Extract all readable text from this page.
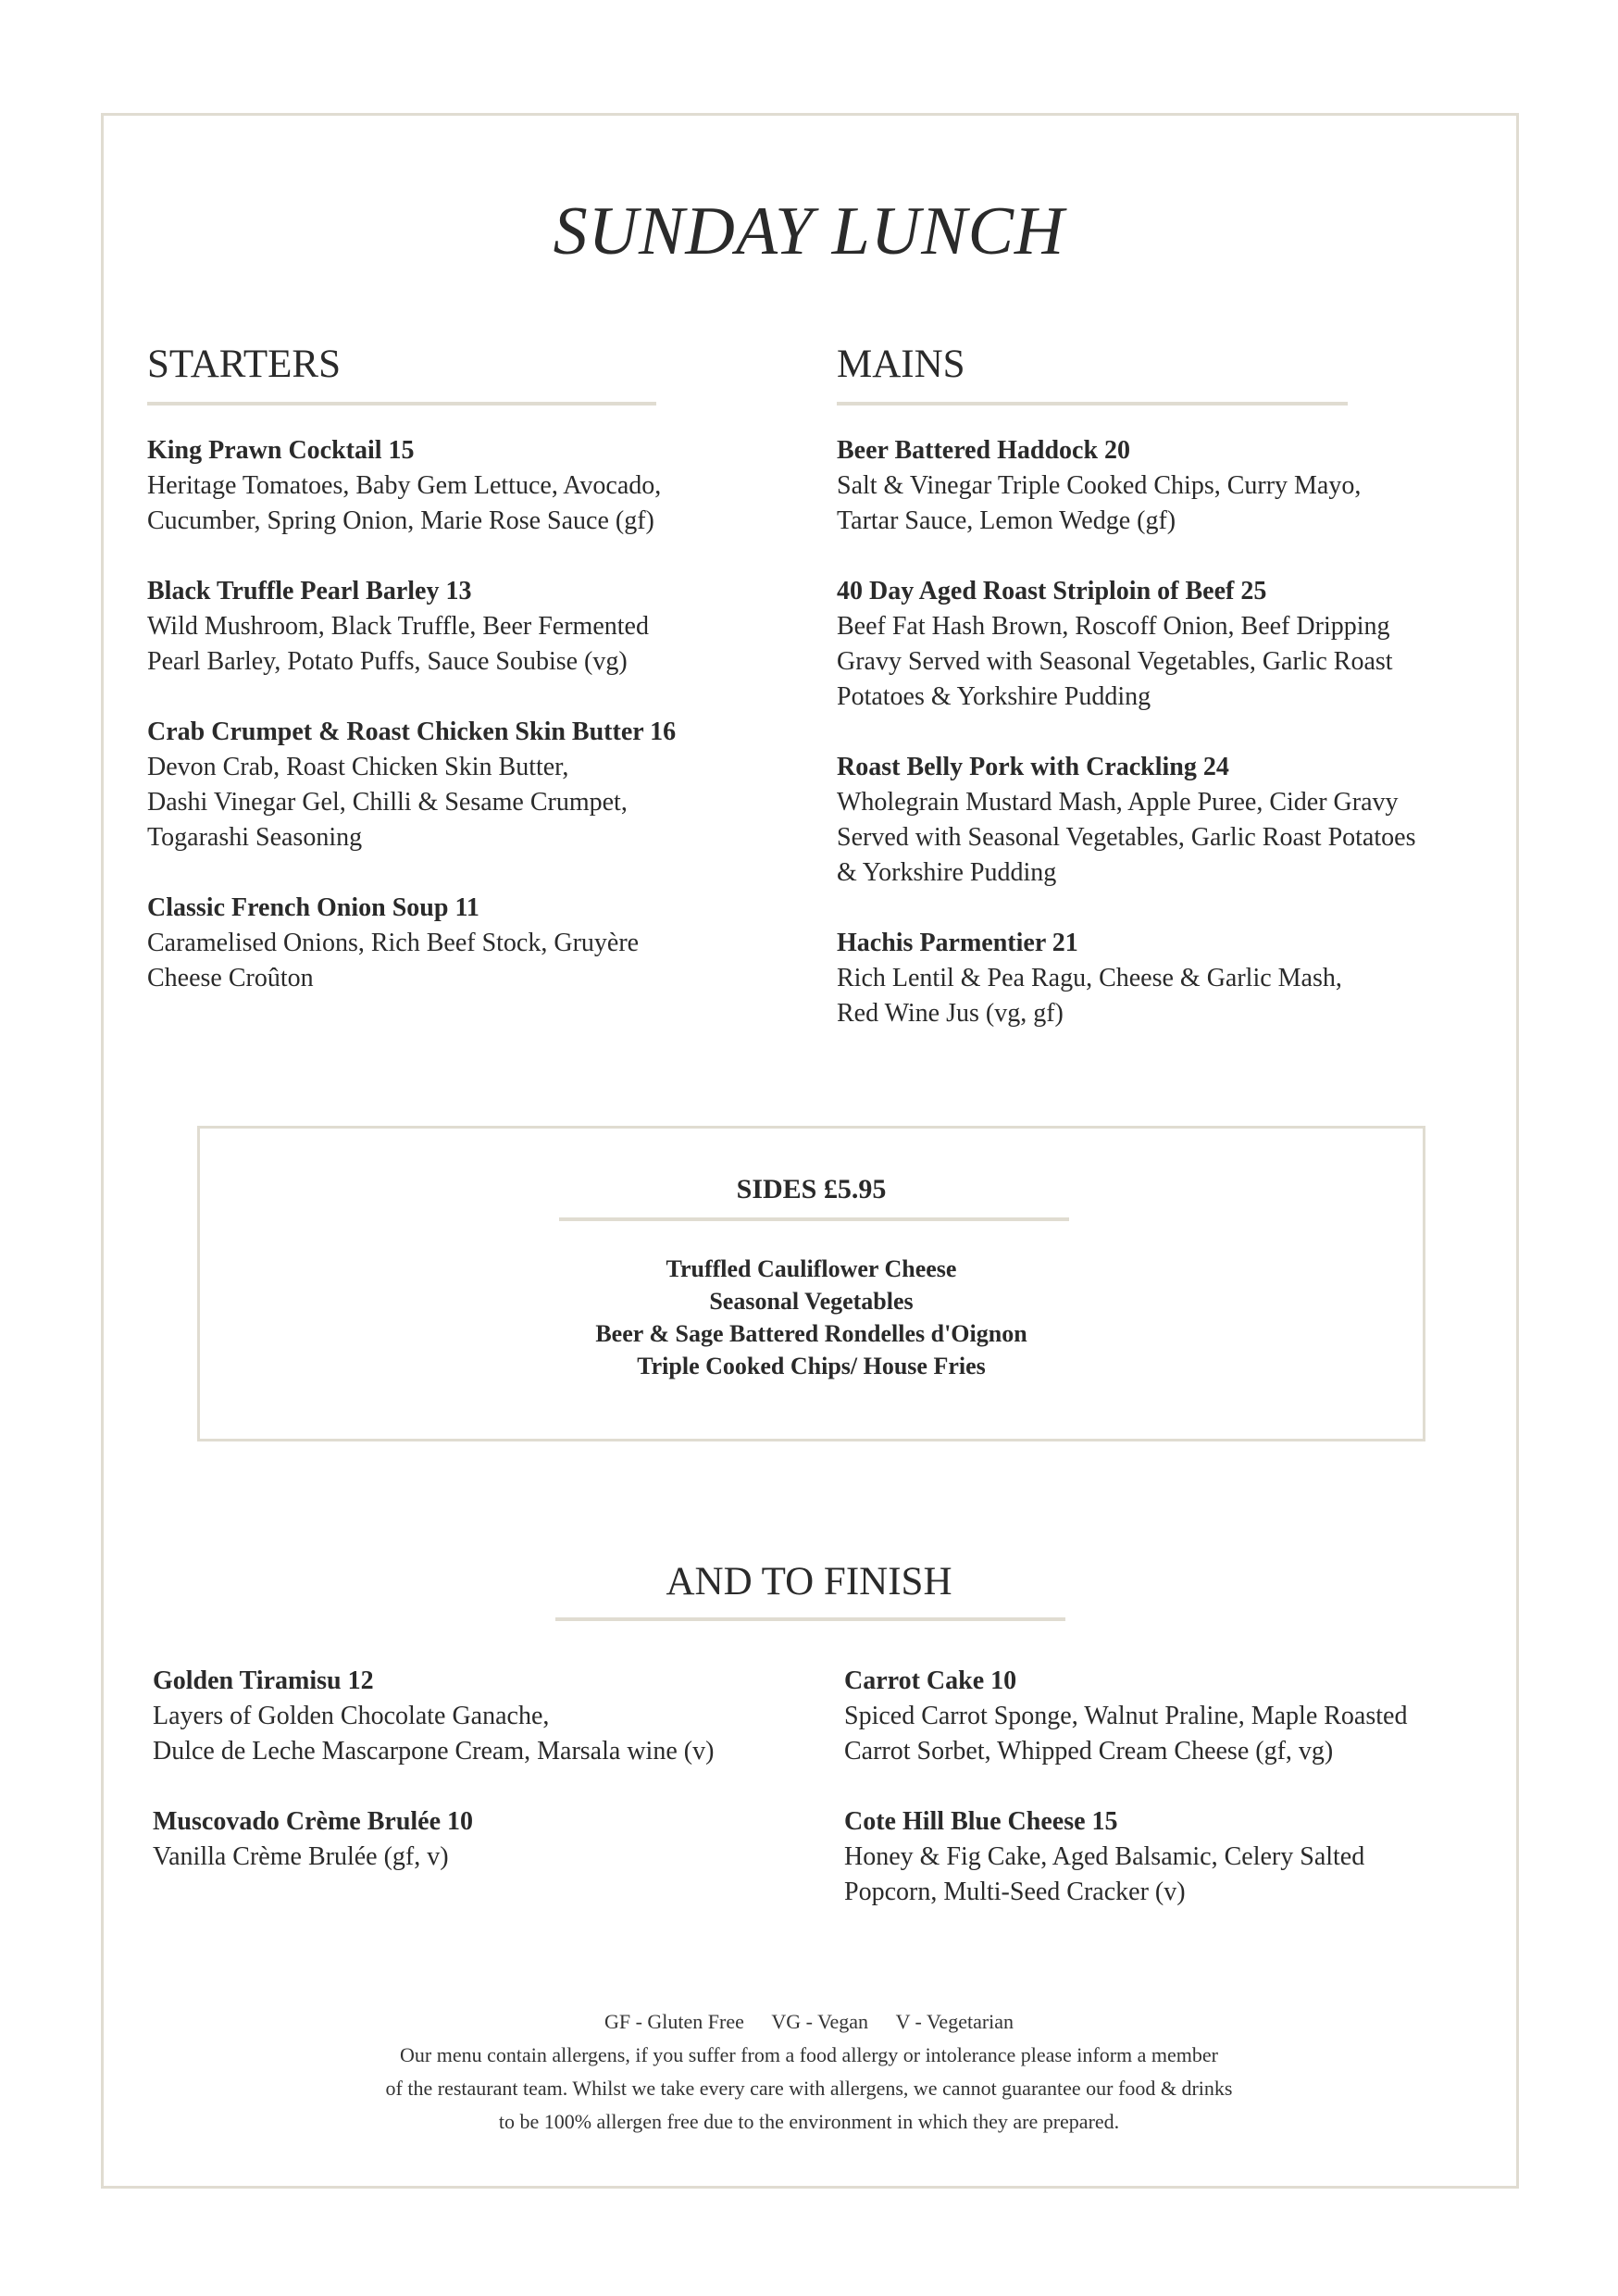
SUNDAY LUNCH
STARTERS
King Prawn Cocktail 15
Heritage Tomatoes, Baby Gem Lettuce, Avocado,
Cucumber, Spring Onion, Marie Rose Sauce (gf)
Black Truffle Pearl Barley 13
Wild Mushroom, Black Truffle, Beer Fermented
Pearl Barley, Potato Puffs, Sauce Soubise (vg)
Crab Crumpet & Roast Chicken Skin Butter 16
Devon Crab, Roast Chicken Skin Butter,
Dashi Vinegar Gel, Chilli & Sesame Crumpet,
Togarashi Seasoning
Classic French Onion Soup 11
Caramelised Onions, Rich Beef Stock, Gruyère
Cheese Croûton
MAINS
Beer Battered Haddock 20
Salt & Vinegar Triple Cooked Chips, Curry Mayo,
Tartar Sauce, Lemon Wedge (gf)
40 Day Aged Roast Striploin of Beef 25
Beef Fat Hash Brown, Roscoff Onion, Beef Dripping
Gravy Served with Seasonal Vegetables, Garlic Roast
Potatoes & Yorkshire Pudding
Roast Belly Pork with Crackling 24
Wholegrain Mustard Mash, Apple Puree, Cider Gravy
Served with Seasonal Vegetables, Garlic Roast Potatoes
& Yorkshire Pudding
Hachis Parmentier 21
Rich Lentil & Pea Ragu, Cheese & Garlic Mash,
Red Wine Jus (vg, gf)
SIDES £5.95
Truffled Cauliflower Cheese
Seasonal Vegetables
Beer & Sage Battered Rondelles d'Oignon
Triple Cooked Chips/ House Fries
AND TO FINISH
Golden Tiramisu 12
Layers of Golden Chocolate Ganache,
Dulce de Leche Mascarpone Cream, Marsala wine (v)
Muscovado Crème Brulée 10
Vanilla Crème Brulée (gf, v)
Carrot Cake 10
Spiced Carrot Sponge, Walnut Praline, Maple Roasted
Carrot Sorbet, Whipped Cream Cheese (gf, vg)
Cote Hill Blue Cheese 15
Honey & Fig Cake, Aged Balsamic, Celery Salted
Popcorn, Multi-Seed Cracker (v)
GF - Gluten Free VG - Vegan V - Vegetarian
Our menu contain allergens, if you suffer from a food allergy or intolerance please inform a member
of the restaurant team. Whilst we take every care with allergens, we cannot guarantee our food & drinks
to be 100% allergen free due to the environment in which they are prepared.
